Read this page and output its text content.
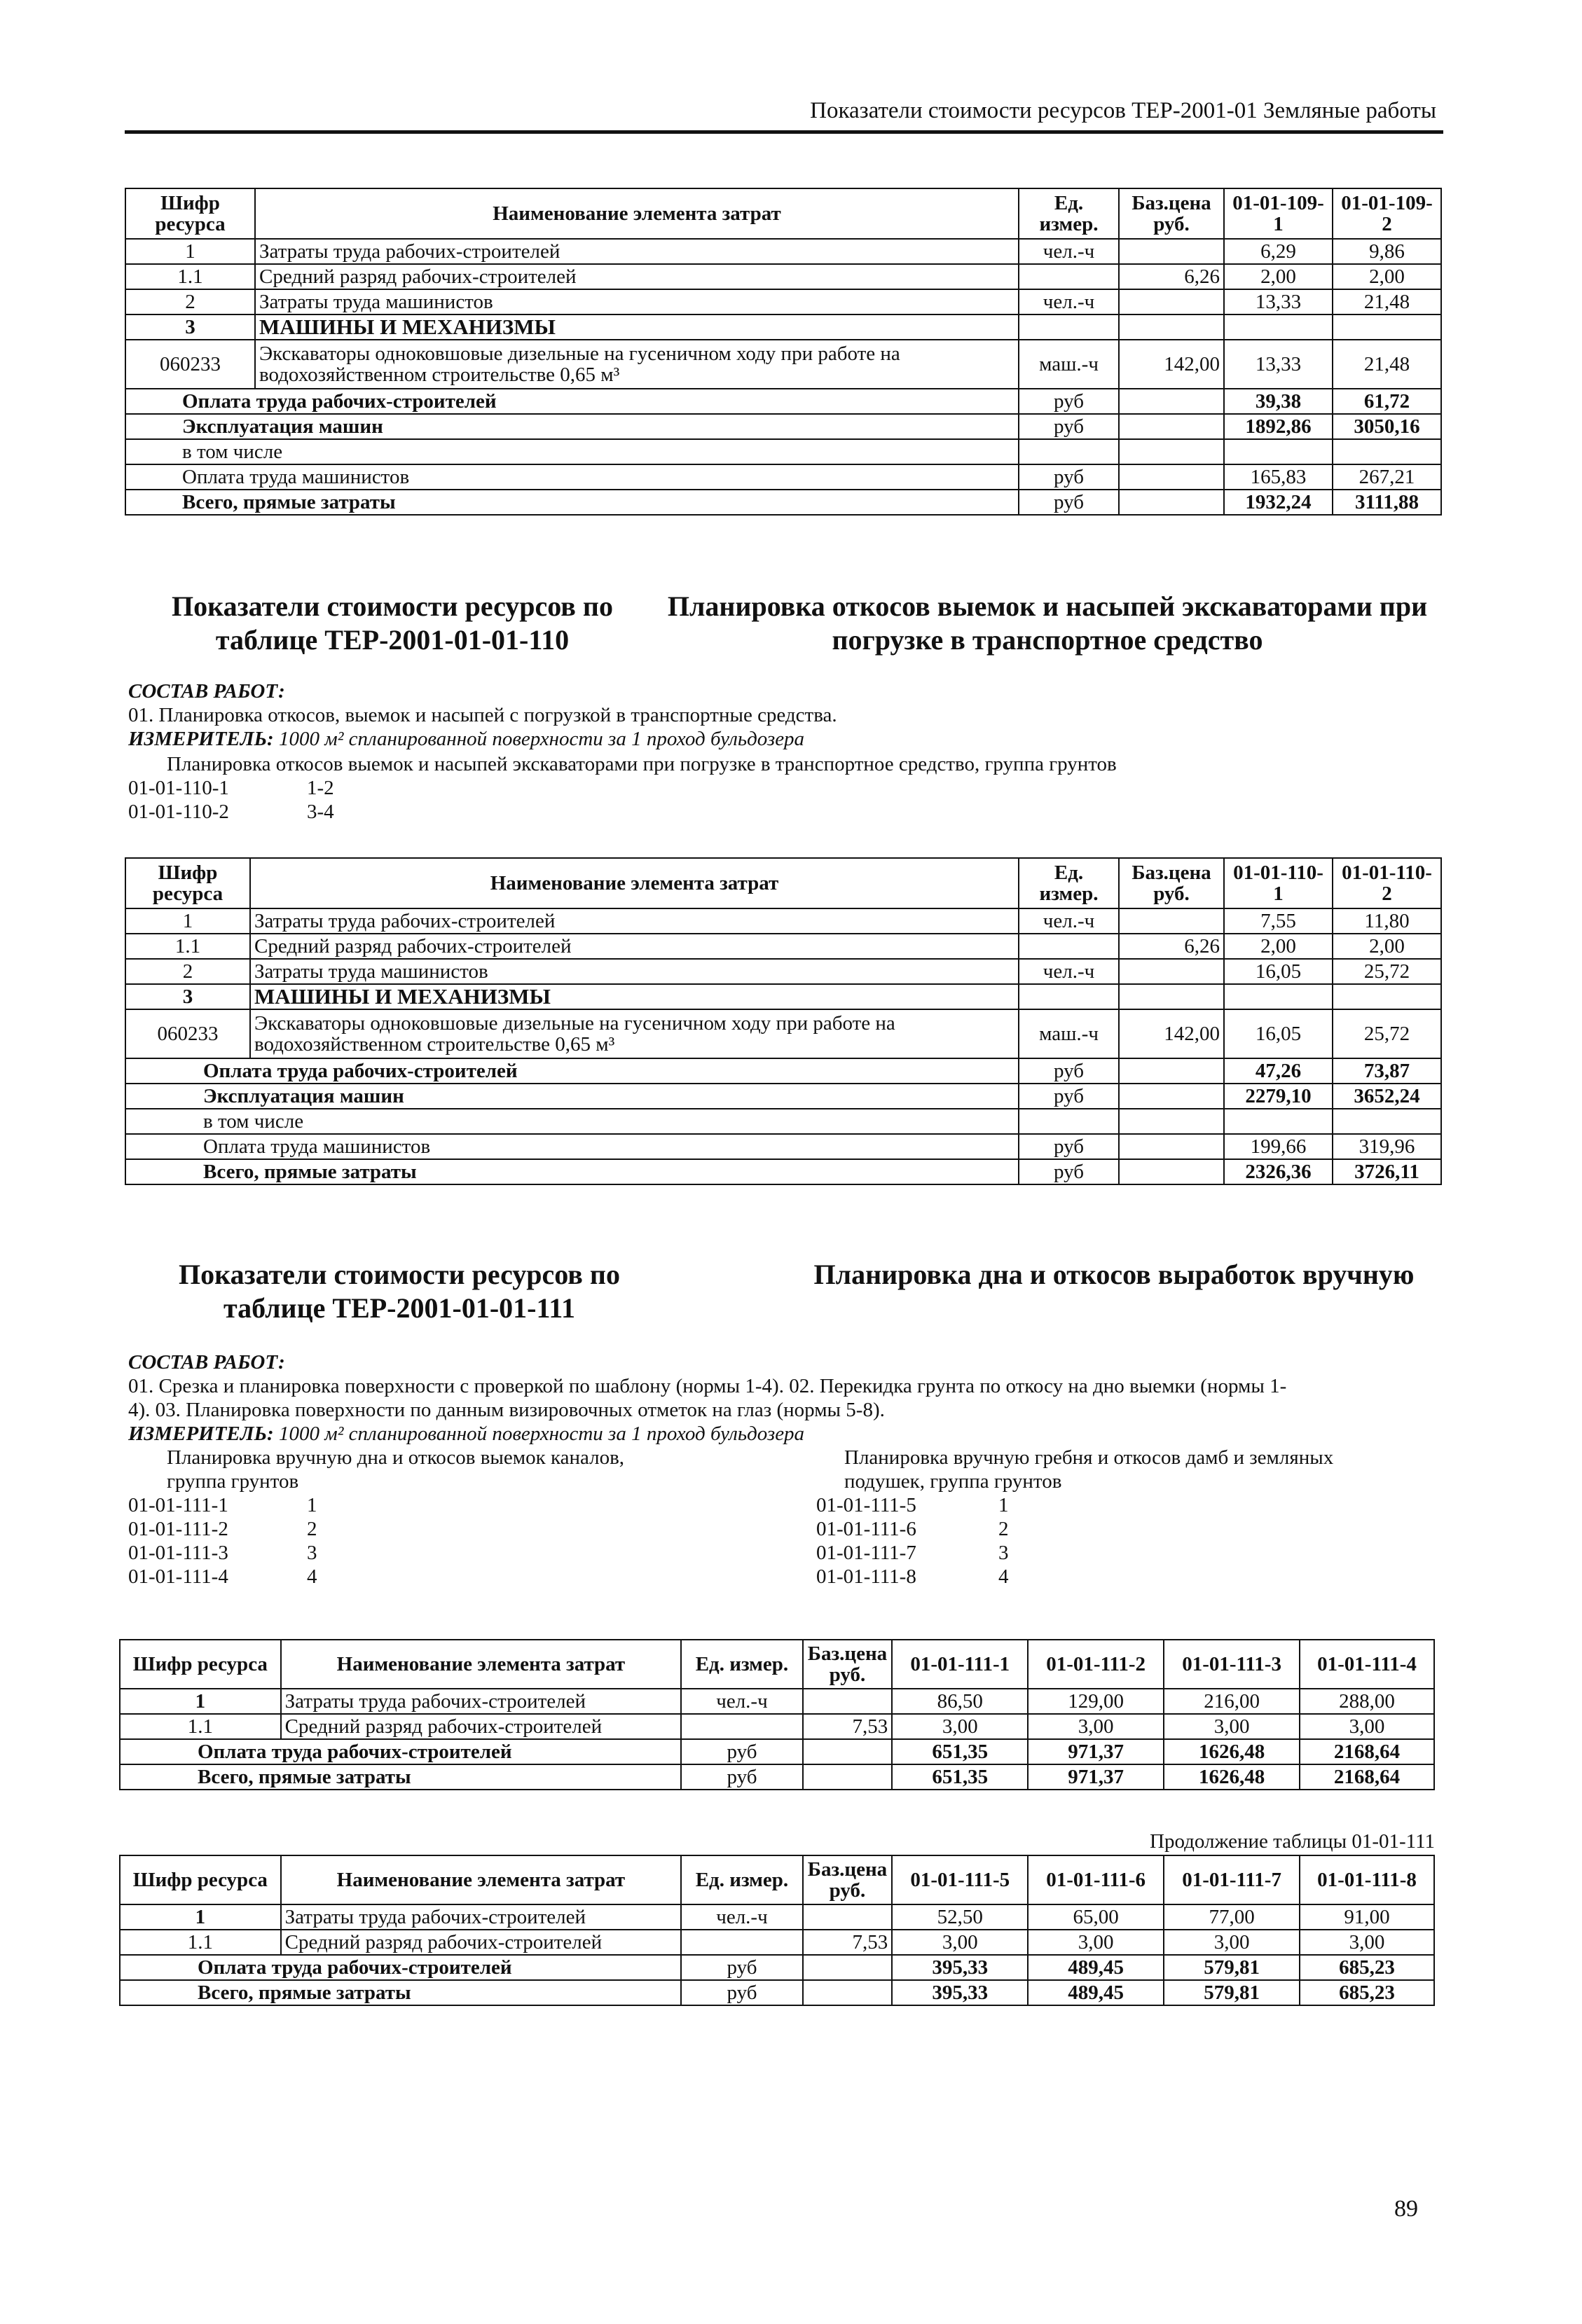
Показатели стоимости ресурсов ТЕР-2001-01 Земляные работы
Шифр ресурса	Наименование элемента затрат	Ед. измер.	Баз.цена руб.	01-01-109-1	01-01-109-2
1	Затраты труда рабочих-строителей	чел.-ч		6,29	9,86
1.1	Средний разряд рабочих-строителей		6,26	2,00	2,00
2	Затраты труда машинистов	чел.-ч		13,33	21,48
3	МАШИНЫ И МЕХАНИЗМЫ				
060233	Экскаваторы одноковшовые дизельные на гусеничном ходу при работе на водохозяйственном строительстве 0,65 м³	маш.-ч	142,00	13,33	21,48
Оплата труда рабочих-строителей		руб		39,38	61,72
Эксплуатация машин		руб		1892,86	3050,16
в том числе					
Оплата труда машинистов		руб		165,83	267,21
Всего, прямые затраты		руб		1932,24	3111,88
Показатели стоимости ресурсов по таблице ТЕР-2001-01-01-110
Планировка откосов выемок и насыпей экскаваторами при погрузке в транспортное средство
СОСТАВ РАБОТ:
01. Планировка откосов, выемок и насыпей с погрузкой в транспортные средства.
ИЗМЕРИТЕЛЬ: 1000 м² спланированной поверхности за 1 проход бульдозера
Планировка откосов выемок и насыпей экскаваторами при погрузке в транспортное средство, группа грунтов
01-01-110-1	1-2
01-01-110-2	3-4
Шифр ресурса	Наименование элемента затрат	Ед. измер.	Баз.цена руб.	01-01-110-1	01-01-110-2
1	Затраты труда рабочих-строителей	чел.-ч		7,55	11,80
1.1	Средний разряд рабочих-строителей		6,26	2,00	2,00
2	Затраты труда машинистов	чел.-ч		16,05	25,72
3	МАШИНЫ И МЕХАНИЗМЫ				
060233	Экскаваторы одноковшовые дизельные на гусеничном ходу при работе на водохозяйственном строительстве 0,65 м³	маш.-ч	142,00	16,05	25,72
Оплата труда рабочих-строителей		руб		47,26	73,87
Эксплуатация машин		руб		2279,10	3652,24
в том числе					
Оплата труда машинистов		руб		199,66	319,96
Всего, прямые затраты		руб		2326,36	3726,11
Показатели стоимости ресурсов по таблице ТЕР-2001-01-01-111
Планировка дна и откосов выработок вручную
СОСТАВ РАБОТ:
01. Срезка и планировка поверхности с проверкой по шаблону (нормы 1-4). 02. Перекидка грунта по откосу на дно выемки (нормы 1-
4). 03. Планировка поверхности по данным визировочных отметок на глаз (нормы 5-8).
ИЗМЕРИТЕЛЬ: 1000 м² спланированной поверхности за 1 проход бульдозера
Планировка вручную дна и откосов выемок каналов,
группа грунтов
Планировка вручную гребня и откосов дамб и земляных
подушек, группа грунтов
01-01-111-1	1
01-01-111-2	2
01-01-111-3	3
01-01-111-4	4
01-01-111-5	1
01-01-111-6	2
01-01-111-7	3
01-01-111-8	4
Шифр ресурса	Наименование элемента затрат	Ед. измер.	Баз.цена руб.	01-01-111-1	01-01-111-2	01-01-111-3	01-01-111-4
1	Затраты труда рабочих-строителей	чел.-ч		86,50	129,00	216,00	288,00
1.1	Средний разряд рабочих-строителей		7,53	3,00	3,00	3,00	3,00
Оплата труда рабочих-строителей		руб		651,35	971,37	1626,48	2168,64
Всего, прямые затраты		руб		651,35	971,37	1626,48	2168,64
Продолжение таблицы 01-01-111
Шифр ресурса	Наименование элемента затрат	Ед. измер.	Баз.цена руб.	01-01-111-5	01-01-111-6	01-01-111-7	01-01-111-8
1	Затраты труда рабочих-строителей	чел.-ч		52,50	65,00	77,00	91,00
1.1	Средний разряд рабочих-строителей		7,53	3,00	3,00	3,00	3,00
Оплата труда рабочих-строителей		руб		395,33	489,45	579,81	685,23
Всего, прямые затраты		руб		395,33	489,45	579,81	685,23
89
